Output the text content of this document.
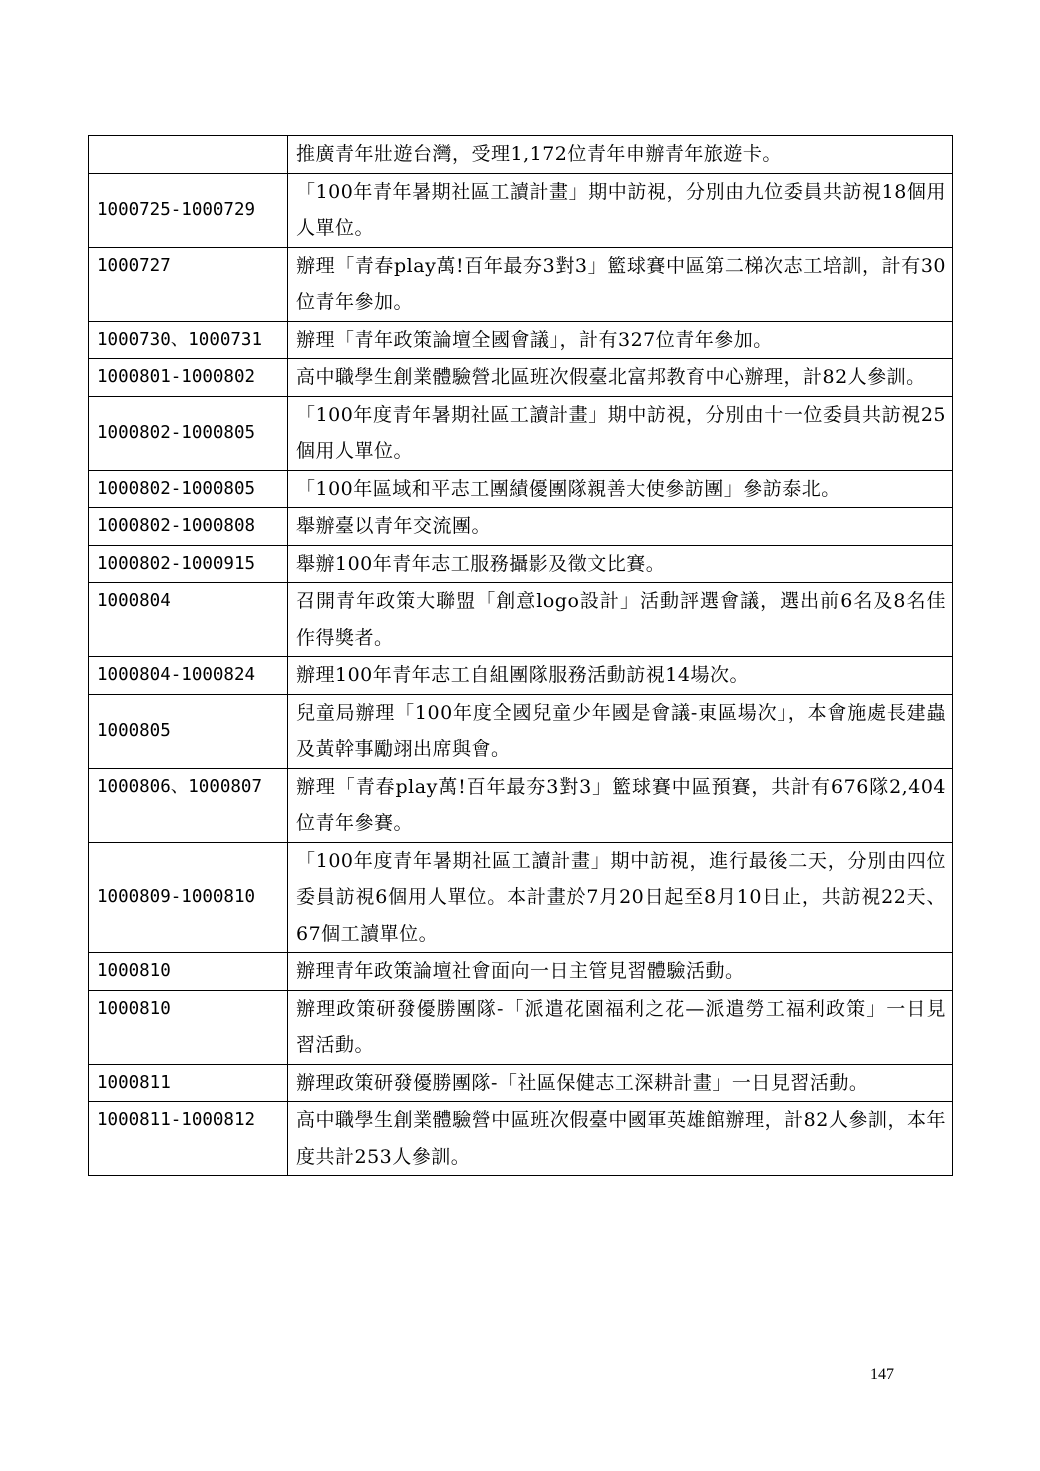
	推廣青年壯遊台灣，受理1,172位青年申辦青年旅遊卡。
1000725-1000729	「100年青年暑期社區工讀計畫」期中訪視，分別由九位委員共訪視18個用人單位。
1000727	辦理「青春play萬!百年最夯3對3」籃球賽中區第二梯次志工培訓，計有30位青年參加。
1000730、1000731	辦理「青年政策論壇全國會議」，計有327位青年參加。
1000801-1000802	高中職學生創業體驗營北區班次假臺北富邦教育中心辦理，計82人參訓。
1000802-1000805	「100年度青年暑期社區工讀計畫」期中訪視，分別由十一位委員共訪視25個用人單位。
1000802-1000805	「100年區域和平志工團績優團隊親善大使參訪團」參訪泰北。
1000802-1000808	舉辦臺以青年交流團。
1000802-1000915	舉辦100年青年志工服務攝影及徵文比賽。
1000804	召開青年政策大聯盟「創意logo設計」活動評選會議，選出前6名及8名佳作得獎者。
1000804-1000824	辦理100年青年志工自組團隊服務活動訪視14場次。
1000805	兒童局辦理「100年度全國兒童少年國是會議-東區場次」，本會施處長建蟲及黃幹事勵翊出席與會。
1000806、1000807	辦理「青春play萬!百年最夯3對3」籃球賽中區預賽，共計有676隊2,404位青年參賽。
1000809-1000810	「100年度青年暑期社區工讀計畫」期中訪視，進行最後二天，分別由四位委員訪視6個用人單位。本計畫於7月20日起至8月10日止，共訪視22天、67個工讀單位。
1000810	辦理青年政策論壇社會面向一日主管見習體驗活動。
1000810	辦理政策研發優勝團隊-「派遣花園福利之花—派遣勞工福利政策」一日見習活動。
1000811	辦理政策研發優勝團隊-「社區保健志工深耕計畫」一日見習活動。
1000811-1000812	高中職學生創業體驗營中區班次假臺中國軍英雄館辦理，計82人參訓，本年度共計253人參訓。
147
